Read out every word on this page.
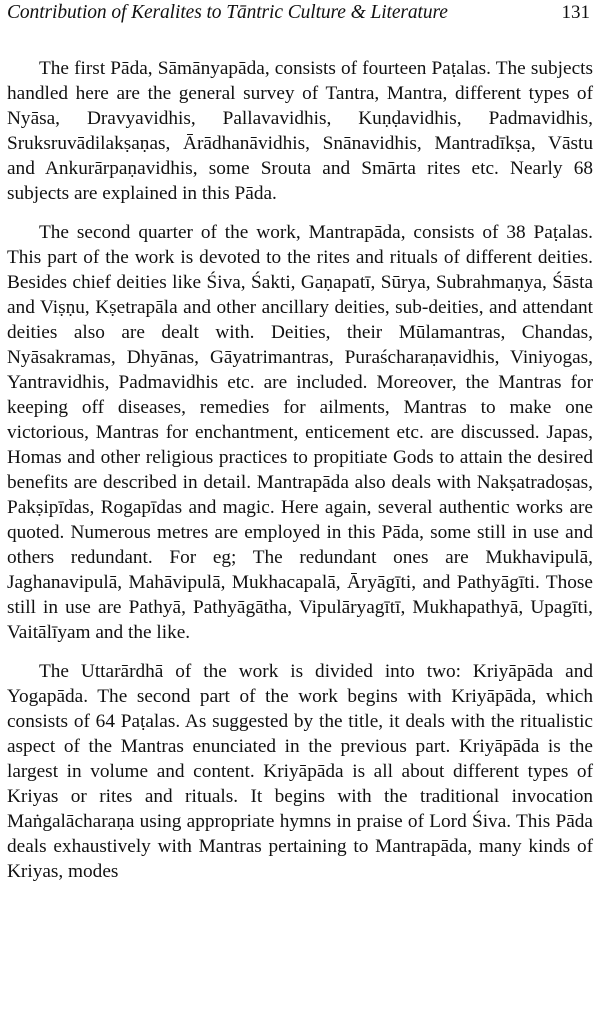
Contribution of Keralites to Tāntric Culture & Literature	131

The first Pāda, Sāmānyapāda, consists of fourteen Paṭalas. The subjects handled here are the general survey of Tantra, Mantra, different types of Nyāsa, Dravyavidhis, Pallavavidhis, Kuṇḍavidhis, Padmavidhis, Sruksruvādilakṣaṇas, Ārādhanāvidhis, Snānavidhis, Mantradīkṣa, Vāstu and Ankurārpaṇavidhis, some Srouta and Smārta rites etc. Nearly 68 subjects are explained in this Pāda.

The second quarter of the work, Mantrapāda, consists of 38 Paṭalas. This part of the work is devoted to the rites and rituals of different deities. Besides chief deities like Śiva, Śakti, Gaṇapatī, Sūrya, Subrahmaṇya, Śāsta and Viṣṇu, Kṣetrapāla and other ancillary deities, sub-deities, and attendant deities also are dealt with. Deities, their Mūlamantras, Chandas, Nyāsakramas, Dhyānas, Gāyatrimantras, Puraścharaṇavidhis, Viniyogas, Yantravidhis, Padmavidhis etc. are included. Moreover, the Mantras for keeping off diseases, remedies for ailments, Mantras to make one victorious, Mantras for enchantment, enticement etc. are discussed. Japas, Homas and other religious practices to propitiate Gods to attain the desired benefits are described in detail. Mantrapāda also deals with Nakṣatradoṣas, Pakṣipīdas, Rogapīdas and magic. Here again, several authentic works are quoted. Numerous metres are employed in this Pāda, some still in use and others redundant. For eg; The redundant ones are Mukhavipulā, Jaghanavipulā, Mahāvipulā, Mukhacapalā, Āryāgīti, and Pathyāgīti. Those still in use are Pathyā, Pathyāgātha, Vipulāryagītī, Mukhapathyā, Upagīti, Vaitālīyam and the like.

The Uttarārdhā of the work is divided into two: Kriyāpāda and Yogapāda. The second part of the work begins with Kriyāpāda, which consists of 64 Paṭalas. As suggested by the title, it deals with the ritualistic aspect of the Mantras enunciated in the previous part. Kriyāpāda is the largest in volume and content. Kriyāpāda is all about different types of Kriyas or rites and rituals. It begins with the traditional invocation Maṅgalācharaṇa using appropriate hymns in praise of Lord Śiva. This Pāda deals exhaustively with Mantras pertaining to Mantrapāda, many kinds of Kriyas, modes
